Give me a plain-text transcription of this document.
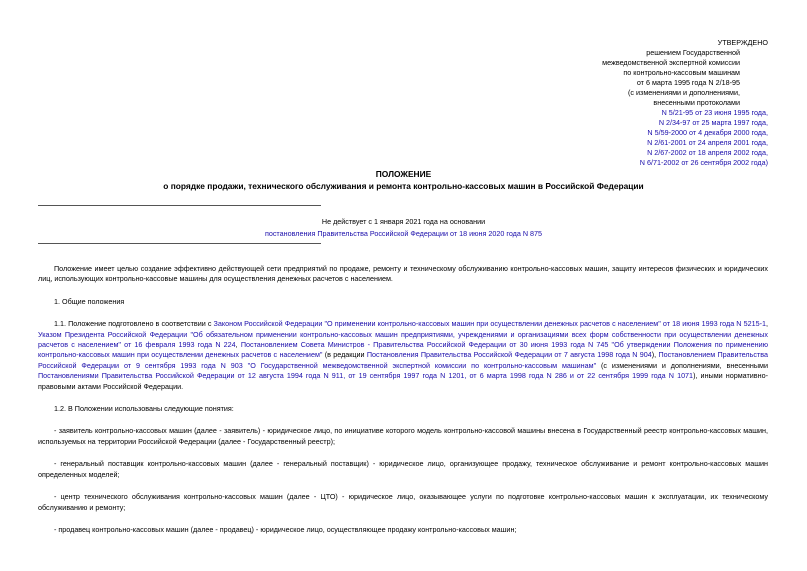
УТВЕРЖДЕНО
решением Государственной
межведомственной экспертной комиссии
по контрольно-кассовым машинам
от 6 марта 1995 года N 2/18-95
(с изменениями и дополнениями,
внесенными протоколами
N 5/21-95 от 23 июня 1995 года,
N 2/34-97 от 25 марта 1997 года,
N 5/59-2000 от 4 декабря 2000 года,
N 2/61-2001 от 24 апреля 2001 года,
N 2/67-2002 от 18 апреля 2002 года,
N 6/71-2002 от 26 сентября 2002 года)
ПОЛОЖЕНИЕ
о порядке продажи, технического обслуживания и ремонта контрольно-кассовых машин в Российской Федерации
Не действует с 1 января 2021 года на основании
постановления Правительства Российской Федерации от 18 июня 2020 года N 875

Положение имеет целью создание эффективно действующей сети предприятий по продаже, ремонту и техническому обслуживанию контрольно-кассовых машин, защиту интересов физических и юридических лиц, использующих контрольно-кассовые машины для осуществления денежных расчетов с населением.

1. Общие положения

1.1. Положение подготовлено в соответствии с Законом Российской Федерации "О применении контрольно-кассовых машин при осуществлении денежных расчетов с населением" от 18 июня 1993 года N 5215-1, Указом Президента Российской Федерации "Об обязательном применении контрольно-кассовых машин предприятиями, учреждениями и организациями всех форм собственности при осуществлении денежных расчетов с населением" от 16 февраля 1993 года N 224, Постановлением Совета Министров - Правительства Российской Федерации от 30 июня 1993 года N 745 "Об утверждении Положения по применению контрольно-кассовых машин при осуществлении денежных расчетов с населением" (в редакции Постановления Правительства Российской Федерации от 7 августа 1998 года N 904), Постановлением Правительства Российской Федерации от 9 сентября 1993 года N 903 "О Государственной межведомственной экспертной комиссии по контрольно-кассовым машинам" (с изменениями и дополнениями, внесенными Постановлениями Правительства Российской Федерации от 12 августа 1994 года N 911, от 19 сентября 1997 года N 1201, от 6 марта 1998 года N 286 и от 22 сентября 1999 года N 1071), иными нормативно-правовыми актами Российской Федерации.

1.2. В Положении использованы следующие понятия:

- заявитель контрольно-кассовых машин (далее - заявитель) - юридическое лицо, по инициативе которого модель контрольно-кассовой машины внесена в Государственный реестр контрольно-кассовых машин, используемых на территории Российской Федерации (далее - Государственный реестр);

- генеральный поставщик контрольно-кассовых машин (далее - генеральный поставщик) - юридическое лицо, организующее продажу, техническое обслуживание и ремонт контрольно-кассовых машин определенных моделей;

- центр технического обслуживания контрольно-кассовых машин (далее - ЦТО) - юридическое лицо, оказывающее услуги по подготовке контрольно-кассовых машин к эксплуатации, их техническому обслуживанию и ремонту;

- продавец контрольно-кассовых машин (далее - продавец) - юридическое лицо, осуществляющее продажу контрольно-кассовых машин;
